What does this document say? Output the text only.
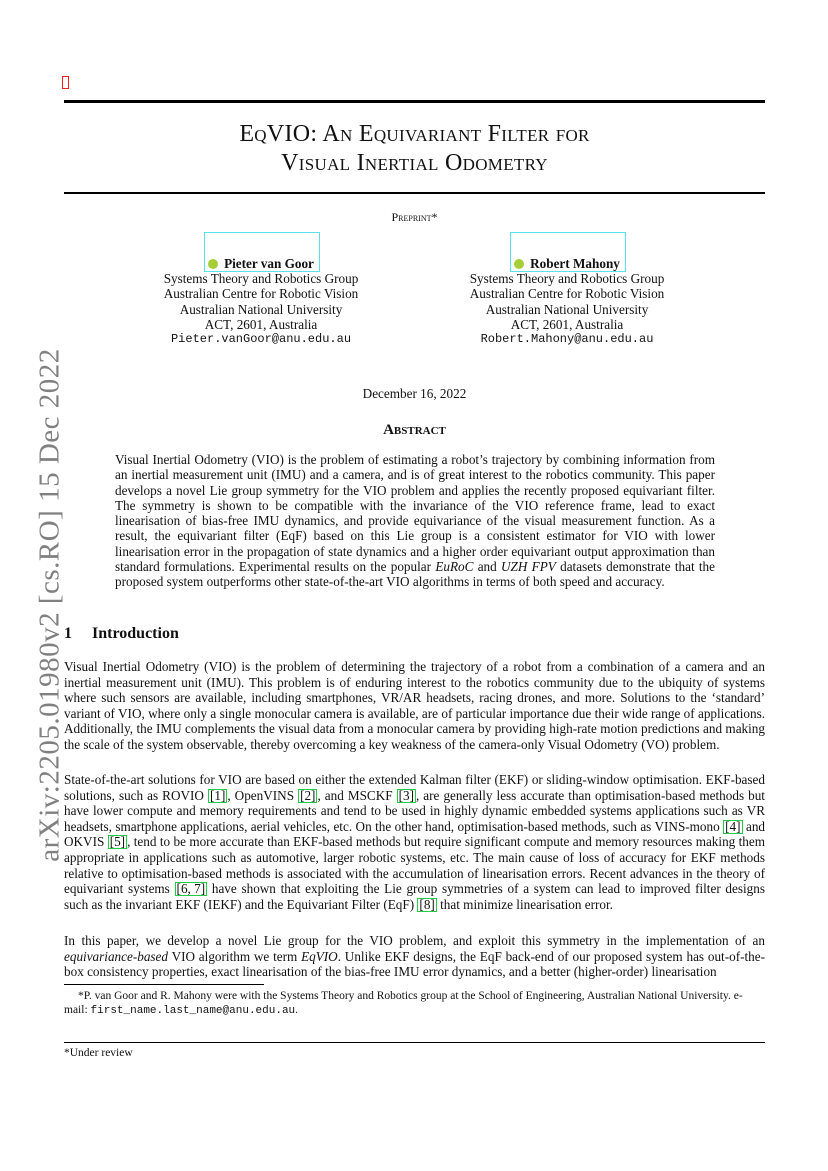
arXiv:2205.01980v2 [cs.RO] 15 Dec 2022
EqVIO: An Equivariant Filter for
Visual Inertial Odometry
Preprint*
Pieter van Goor
Systems Theory and Robotics Group
Australian Centre for Robotic Vision
Australian National University
ACT, 2601, Australia
Pieter.vanGoor@anu.edu.au
Robert Mahony
Systems Theory and Robotics Group
Australian Centre for Robotic Vision
Australian National University
ACT, 2601, Australia
Robert.Mahony@anu.edu.au
December 16, 2022
Abstract
Visual Inertial Odometry (VIO) is the problem of estimating a robot’s trajectory by combining information from an inertial measurement unit (IMU) and a camera, and is of great interest to the robotics community. This paper develops a novel Lie group symmetry for the VIO problem and applies the recently proposed equivariant filter. The symmetry is shown to be compatible with the invariance of the VIO reference frame, lead to exact linearisation of bias-free IMU dynamics, and provide equivariance of the visual measurement function. As a result, the equivariant filter (EqF) based on this Lie group is a consistent estimator for VIO with lower linearisation error in the propagation of state dynamics and a higher order equivariant output approximation than standard formulations. Experimental results on the popular EuRoC and UZH FPV datasets demonstrate that the proposed system outperforms other state-of-the-art VIO algorithms in terms of both speed and accuracy.
1 Introduction
Visual Inertial Odometry (VIO) is the problem of determining the trajectory of a robot from a combination of a camera and an inertial measurement unit (IMU). This problem is of enduring interest to the robotics community due to the ubiquity of systems where such sensors are available, including smartphones, VR/AR headsets, racing drones, and more. Solutions to the ‘standard’ variant of VIO, where only a single monocular camera is available, are of particular importance due their wide range of applications. Additionally, the IMU complements the visual data from a monocular camera by providing high-rate motion predictions and making the scale of the system observable, thereby overcoming a key weakness of the camera-only Visual Odometry (VO) problem.
State-of-the-art solutions for VIO are based on either the extended Kalman filter (EKF) or sliding-window optimisation. EKF-based solutions, such as ROVIO [1] , OpenVINS [2] , and MSCKF [3] , are generally less accurate than optimisation-based methods but have lower compute and memory requirements and tend to be used in highly dynamic embedded systems applications such as VR headsets, smartphone applications, aerial vehicles, etc. On the other hand, optimisation-based methods, such as VINS-mono [4] and OKVIS [5] , tend to be more accurate than EKF-based methods but require significant compute and memory resources making them appropriate in applications such as automotive, larger robotic systems, etc. The main cause of loss of accuracy for EKF methods relative to optimisation-based methods is associated with the accumulation of linearisation errors. Recent advances in the theory of equivariant systems [6, 7] have shown that exploiting the Lie group symmetries of a system can lead to improved filter designs such as the invariant EKF (IEKF) and the Equivariant Filter (EqF) [8] that minimize linearisation error.
In this paper, we develop a novel Lie group for the VIO problem, and exploit this symmetry in the implementation of an equivariance-based VIO algorithm we term EqVIO. Unlike EKF designs, the EqF back-end of our proposed system has out-of-the-box consistency properties, exact linearisation of the bias-free IMU error dynamics, and a better (higher-order) linearisation
*P. van Goor and R. Mahony were with the Systems Theory and Robotics group at the School of Engineering, Australian National University. e-mail: first_name.last_name@anu.edu.au.
*Under review
